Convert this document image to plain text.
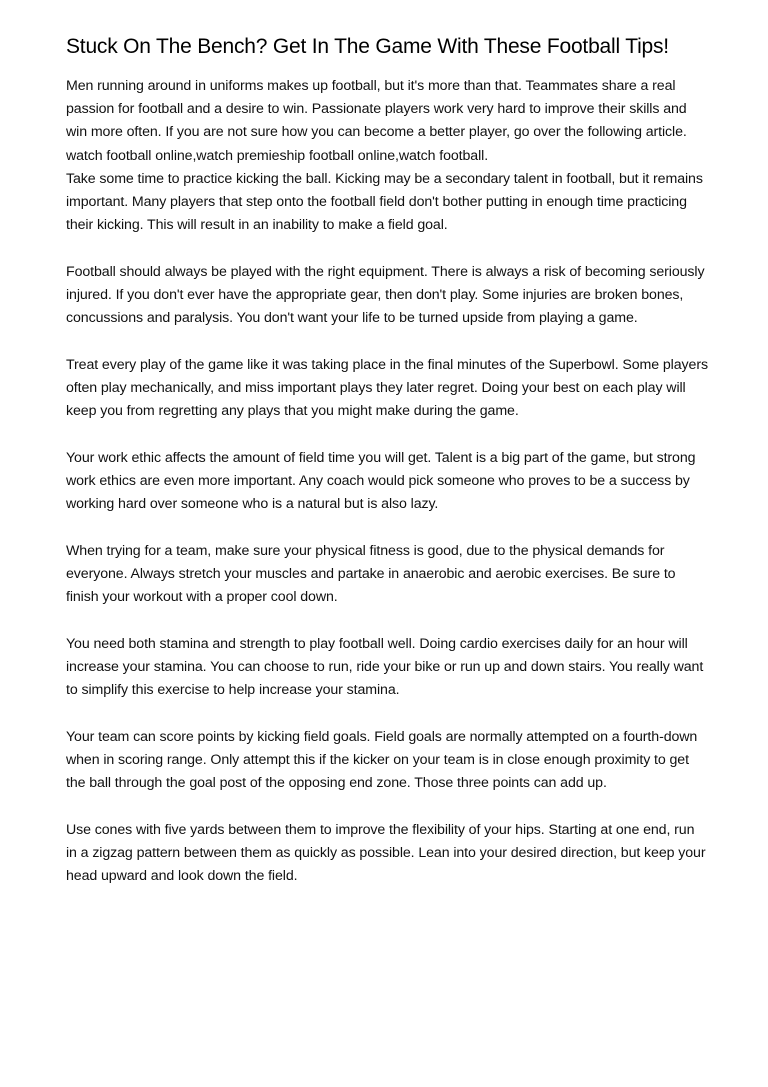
Stuck On The Bench? Get In The Game With These Football Tips!
Men running around in uniforms makes up football, but it's more than that. Teammates share a real passion for football and a desire to win. Passionate players work very hard to improve their skills and win more often. If you are not sure how you can become a better player, go over the following article.
watch football online,watch premieship football online,watch football.
Take some time to practice kicking the ball. Kicking may be a secondary talent in football, but it remains important. Many players that step onto the football field don't bother putting in enough time practicing their kicking. This will result in an inability to make a field goal.
Football should always be played with the right equipment. There is always a risk of becoming seriously injured. If you don't ever have the appropriate gear, then don't play. Some injuries are broken bones, concussions and paralysis. You don't want your life to be turned upside from playing a game.
Treat every play of the game like it was taking place in the final minutes of the Superbowl. Some players often play mechanically, and miss important plays they later regret. Doing your best on each play will keep you from regretting any plays that you might make during the game.
Your work ethic affects the amount of field time you will get. Talent is a big part of the game, but strong work ethics are even more important. Any coach would pick someone who proves to be a success by working hard over someone who is a natural but is also lazy.
When trying for a team, make sure your physical fitness is good, due to the physical demands for everyone. Always stretch your muscles and partake in anaerobic and aerobic exercises. Be sure to finish your workout with a proper cool down.
You need both stamina and strength to play football well. Doing cardio exercises daily for an hour will increase your stamina. You can choose to run, ride your bike or run up and down stairs. You really want to simplify this exercise to help increase your stamina.
Your team can score points by kicking field goals. Field goals are normally attempted on a fourth-down when in scoring range. Only attempt this if the kicker on your team is in close enough proximity to get the ball through the goal post of the opposing end zone. Those three points can add up.
Use cones with five yards between them to improve the flexibility of your hips. Starting at one end, run in a zigzag pattern between them as quickly as possible. Lean into your desired direction, but keep your head upward and look down the field.
